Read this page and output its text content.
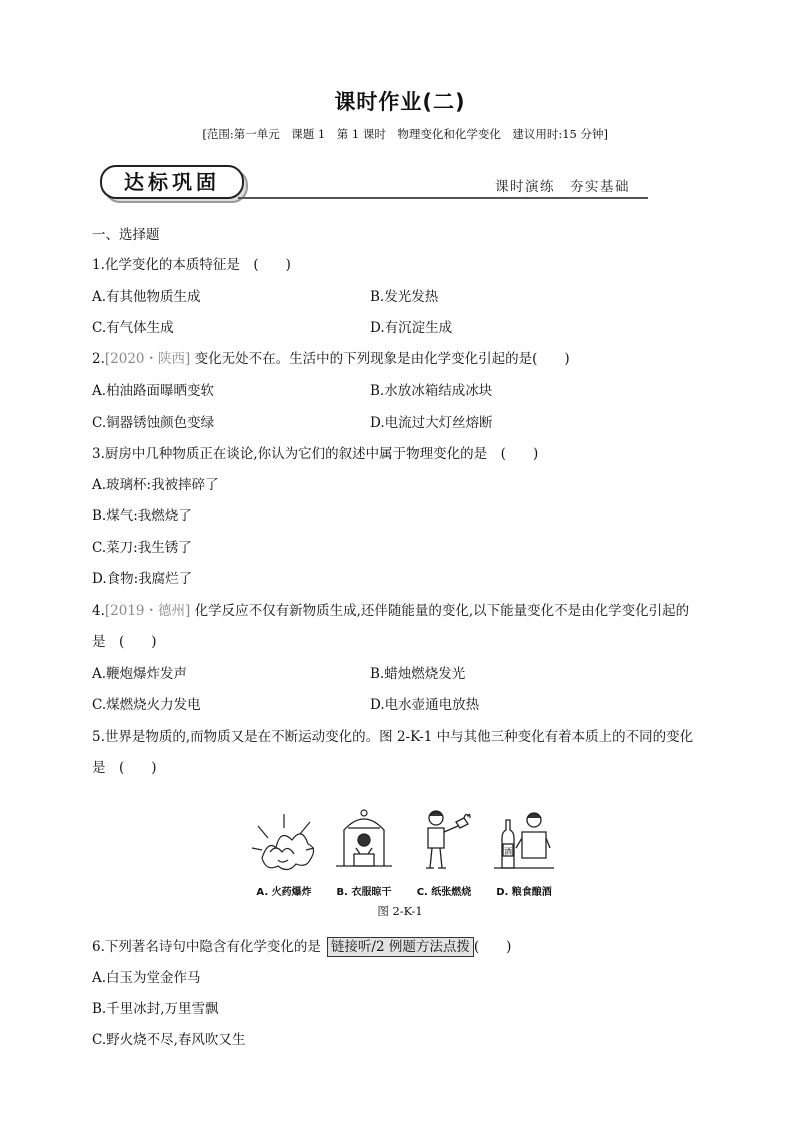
课时作业(二)
[范围:第一单元　课题 1　第 1 课时　物理变化和化学变化　建议用时:15 分钟]
达标巩固	课时演练　夯实基础
一、选择题
1.化学变化的本质特征是　(　　)
A.有其他物质生成	B.发光发热
C.有气体生成	D.有沉淀生成
2.[2020・陕西] 变化无处不在。生活中的下列现象是由化学变化引起的是(　　)
A.柏油路面曝晒变软	B.水放冰箱结成冰块
C.铜器锈蚀颜色变绿	D.电流过大灯丝熔断
3.厨房中几种物质正在谈论,你认为它们的叙述中属于物理变化的是　(　　)
A.玻璃杯:我被摔碎了
B.煤气:我燃烧了
C.菜刀:我生锈了
D.食物:我腐烂了
4.[2019・德州] 化学反应不仅有新物质生成,还伴随能量的变化,以下能量变化不是由化学变化引起的
是　(　　)
A.鞭炮爆炸发声	B.蜡烛燃烧发光
C.煤燃烧火力发电	D.电水壶通电放热
5.世界是物质的,而物质又是在不断运动变化的。图 2-K-1 中与其他三种变化有着本质上的不同的变化
是　(　　)
A. 火药爆炸	B. 衣服晾干	C. 纸张燃烧
酒
D. 粮食酿酒
图 2-K-1
6.下列著名诗句中隐含有化学变化的是 链接听/2 例题方法点拨 (　　)
A.白玉为堂金作马
B.千里冰封,万里雪飘
C.野火烧不尽,春风吹又生
